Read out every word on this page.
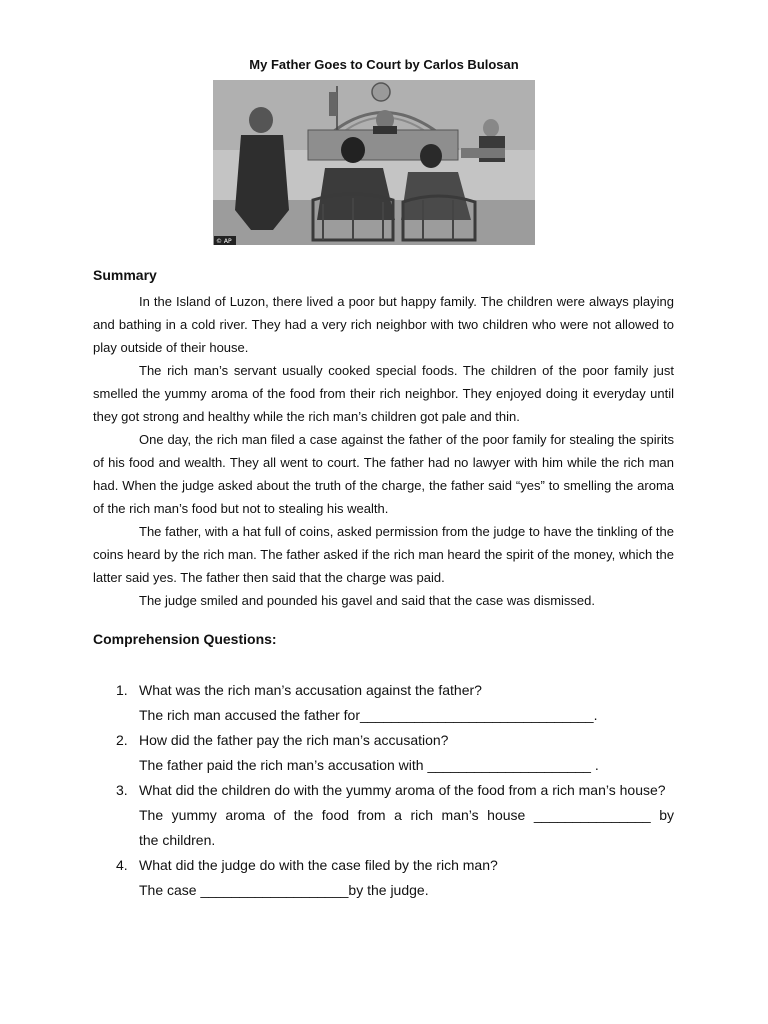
My Father Goes to Court by Carlos Bulosan
© AP
Summary

In the Island of Luzon, there lived a poor but happy family. The children were always playing and bathing in a cold river. They had a very rich neighbor with two children who were not allowed to play outside of their house.

The rich man’s servant usually cooked special foods. The children of the poor family just smelled the yummy aroma of the food from their rich neighbor. They enjoyed doing it everyday until they got strong and healthy while the rich man’s children got pale and thin.

One day, the rich man filed a case against the father of the poor family for stealing the spirits of his food and wealth. They all went to court. The father had no lawyer with him while the rich man had. When the judge asked about the truth of the charge, the father said “yes” to smelling the aroma of the rich man’s food but not to stealing his wealth.

The father, with a hat full of coins, asked permission from the judge to have the tinkling of the coins heard by the rich man. The father asked if the rich man heard the spirit of the money, which the latter said yes. The father then said that the charge was paid.

The judge smiled and pounded his gavel and said that the case was dismissed.

Comprehension Questions:
1. What was the rich man’s accusation against the father?
The rich man accused the father for______________________________.
2. How did the father pay the rich man’s accusation?
The father paid the rich man’s accusation with _____________________ .
3. What did the children do with the yummy aroma of the food from a rich man’s house?
The yummy aroma of the food from a rich man’s house _______________ by
the children.
4. What did the judge do with the case filed by the rich man?
The case ___________________by the judge.
